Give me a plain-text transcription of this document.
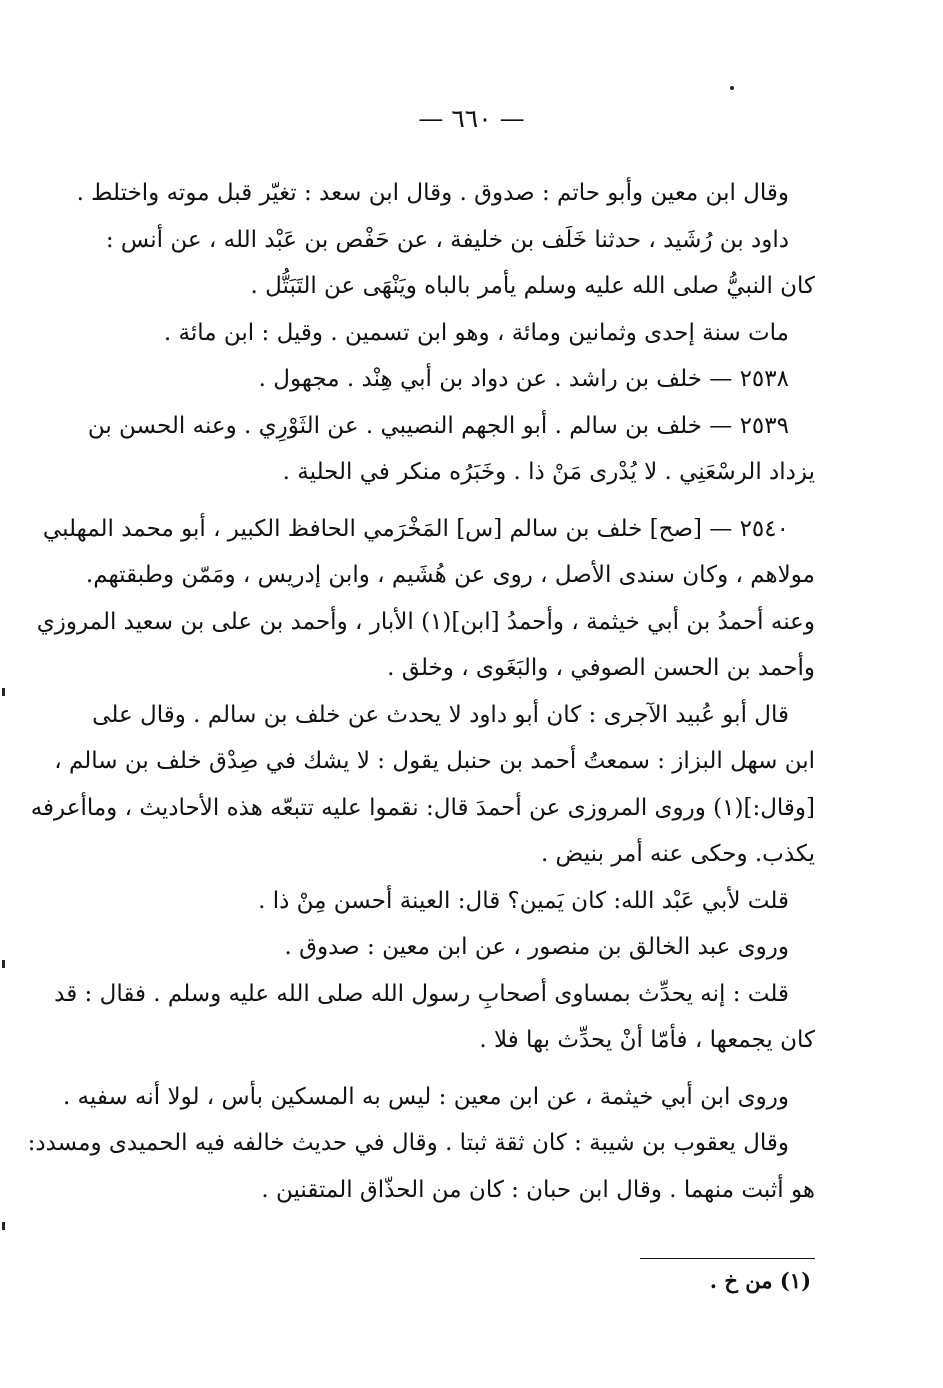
— ٦٦٠ —
وقال ابن معين وأبو حاتم : صدوق . وقال ابن سعد : تغيّر قبل موته واختلط .
داود بن رُشَيد ، حدثنا خَلَف بن خليفة ، عن حَفْص بن عَبْد الله ، عن أنس :
كان النبيُّ صلى الله عليه وسلم يأمر بالباه ويَنْهَى عن التَبَتُّل .
مات سنة إحدى وثمانين ومائة ، وهو ابن تسمين . وقيل : ابن مائة .
٢٥٣٨ — خلف بن راشد . عن دواد بن أبي هِنْد . مجهول .
٢٥٣٩ — خلف بن سالم . أبو الجهم النصيبي . عن الثَوْرِي . وعنه الحسن بن
يزداد الرسْعَنِي . لا يُدْرى مَنْ ذا . وخَبَرُه منكر في الحلية .
٢٥٤٠ — [صح] خلف بن سالم [س] المَخْرَمي الحافظ الكبير ، أبو محمد المهلبي
مولاهم ، وكان سندى الأصل ، روى عن هُشَيم ، وابن إدريس ، ومَمّن وطبقتهم.
وعنه أحمدُ بن أبي خيثمة ، وأحمدُ [ابن](١) الأبار ، وأحمد بن على بن سعيد المروزي
وأحمد بن الحسن الصوفي ، والبَغَوى ، وخلق .
قال أبو عُبيد الآجرى : كان أبو داود لا يحدث عن خلف بن سالم . وقال على
ابن سهل البزاز : سمعتُ أحمد بن حنبل يقول : لا يشك في صِدْق خلف بن سالم ،
[وقال:](١) وروى المروزى عن أحمدَ قال: نقموا عليه تتبعّه هذه الأحاديث ، وماأعرفه
يكذب. وحكى عنه أمر بنيض .
قلت لأبي عَبْد الله: كان يَمين؟ قال: العينة أحسن مِنْ ذا .
وروى عبد الخالق بن منصور ، عن ابن معين : صدوق .
قلت : إنه يحدِّث بمساوى أصحابِ رسول الله صلى الله عليه وسلم . فقال : قد
كان يجمعها ، فأمّا أنْ يحدِّث بها فلا .
وروى ابن أبي خيثمة ، عن ابن معين : ليس به المسكين بأس ، لولا أنه سفيه .
وقال يعقوب بن شيبة : كان ثقة ثبتا . وقال في حديث خالفه فيه الحميدى ومسدد:
هو أثبت منهما . وقال ابن حبان : كان من الحذّاق المتقنين .
(١) من خ .
